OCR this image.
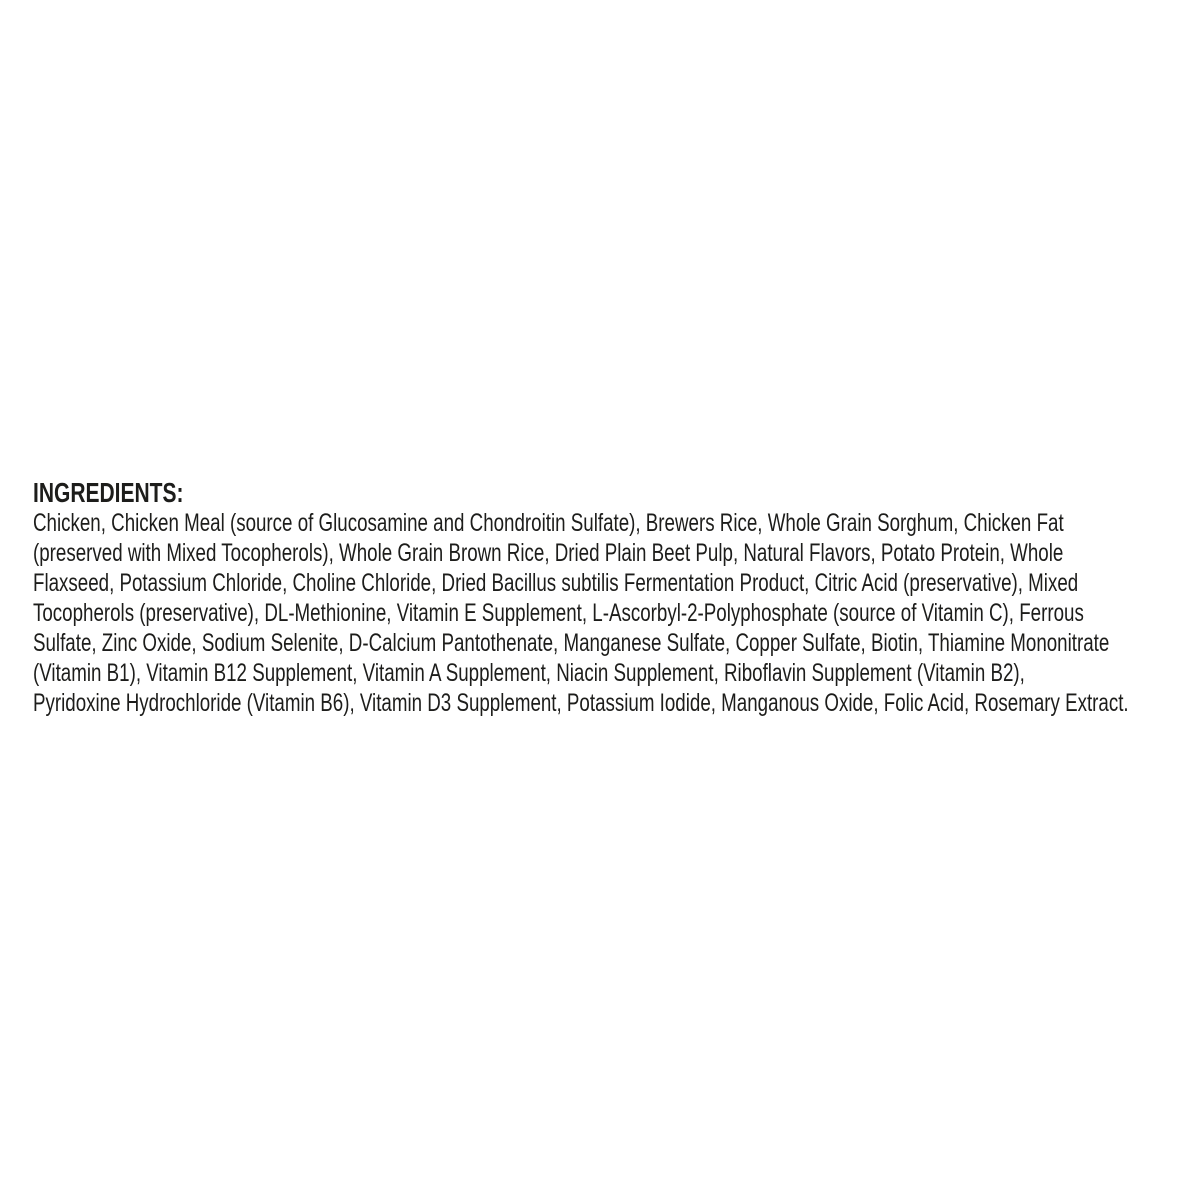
INGREDIENTS:
Chicken, Chicken Meal (source of Glucosamine and Chondroitin Sulfate), Brewers Rice, Whole Grain Sorghum, Chicken Fat
(preserved with Mixed Tocopherols), Whole Grain Brown Rice, Dried Plain Beet Pulp, Natural Flavors, Potato Protein, Whole
Flaxseed, Potassium Chloride, Choline Chloride, Dried Bacillus subtilis Fermentation Product, Citric Acid (preservative), Mixed
Tocopherols (preservative), DL-Methionine, Vitamin E Supplement, L-Ascorbyl-2-Polyphosphate (source of Vitamin C), Ferrous
Sulfate, Zinc Oxide, Sodium Selenite, D-Calcium Pantothenate, Manganese Sulfate, Copper Sulfate, Biotin, Thiamine Mononitrate
(Vitamin B1), Vitamin B12 Supplement, Vitamin A Supplement, Niacin Supplement, Riboflavin Supplement (Vitamin B2),
Pyridoxine Hydrochloride (Vitamin B6), Vitamin D3 Supplement, Potassium Iodide, Manganous Oxide, Folic Acid, Rosemary Extract.
